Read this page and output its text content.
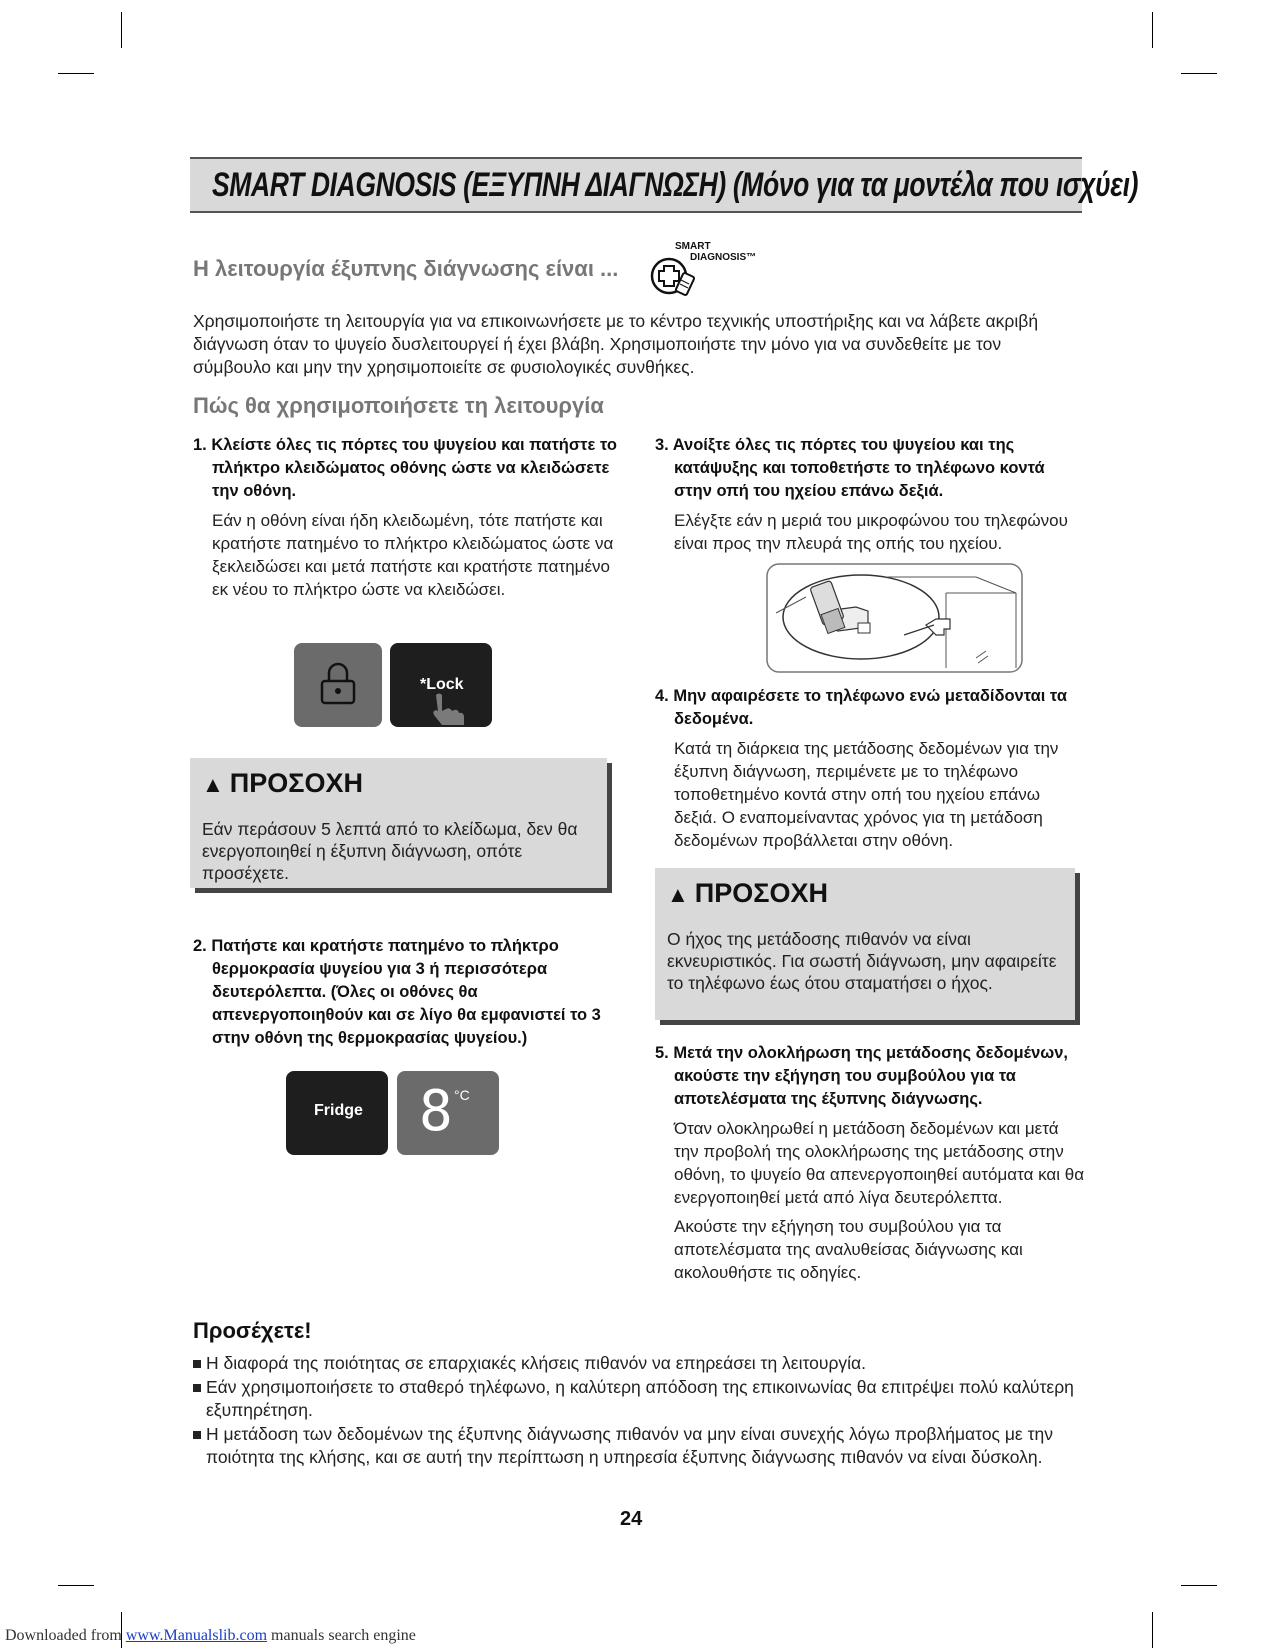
SMART DIAGNOSIS (ΕΞΥΠΝΗ ΔΙΑΓΝΩΣΗ) (Μόνο για τα μοντέλα που ισχύει)
Η λειτουργία έξυπνης διάγνωσης είναι ...
SMART
DIAGNOSIS™
Χρησιμοποιήστε τη λειτουργία για να επικοινωνήσετε με το κέντρο τεχνικής υποστήριξης και να λάβετε ακριβή διάγνωση όταν το ψυγείο δυσλειτουργεί ή έχει βλάβη. Χρησιμοποιήστε την μόνο για να συνδεθείτε με τον σύμβουλο και μην την χρησιμοποιείτε σε φυσιολογικές συνθήκες.
Πώς θα χρησιμοποιήσετε τη λειτουργία
1. Κλείστε όλες τις πόρτες του ψυγείου και πατήστε το πλήκτρο κλειδώματος οθόνης ώστε να κλειδώσετε την οθόνη.
Εάν η οθόνη είναι ήδη κλειδωμένη, τότε πατήστε και κρατήστε πατημένο το πλήκτρο κλειδώματος ώστε να ξεκλειδώσει και μετά πατήστε και κρατήστε πατημένο εκ νέου το πλήκτρο ώστε να κλειδώσει.
*Lock
▲ ΠΡΟΣΟΧΗ
Εάν περάσουν 5 λεπτά από το κλείδωμα, δεν θα ενεργοποιηθεί η έξυπνη διάγνωση, οπότε προσέχετε.
2. Πατήστε και κρατήστε πατημένο το πλήκτρο θερμοκρασία ψυγείου για 3 ή περισσότερα δευτερόλεπτα. (Όλες οι οθόνες θα απενεργοποιηθούν και σε λίγο θα εμφανιστεί το 3 στην οθόνη της θερμοκρασίας ψυγείου.)
Fridge 8 °C
3. Ανοίξτε όλες τις πόρτες του ψυγείου και της κατάψυξης και τοποθετήστε το τηλέφωνο κοντά στην οπή του ηχείου επάνω δεξιά.
Ελέγξτε εάν η μεριά του μικροφώνου του τηλεφώνου είναι προς την πλευρά της οπής του ηχείου.
4. Μην αφαιρέσετε το τηλέφωνο ενώ μεταδίδονται τα δεδομένα.
Κατά τη διάρκεια της μετάδοσης δεδομένων για την έξυπνη διάγνωση, περιμένετε με το τηλέφωνο τοποθετημένο κοντά στην οπή του ηχείου επάνω δεξιά. Ο εναπομείναντας χρόνος για τη μετάδοση δεδομένων προβάλλεται στην οθόνη.
▲ ΠΡΟΣΟΧΗ
Ο ήχος της μετάδοσης πιθανόν να είναι εκνευριστικός. Για σωστή διάγνωση, μην αφαιρείτε το τηλέφωνο έως ότου σταματήσει ο ήχος.
5. Μετά την ολοκλήρωση της μετάδοσης δεδομένων, ακούστε την εξήγηση του συμβούλου για τα αποτελέσματα της έξυπνης διάγνωσης.

Όταν ολοκληρωθεί η μετάδοση δεδομένων και μετά την προβολή της ολοκλήρωσης της μετάδοσης στην οθόνη, το ψυγείο θα απενεργοποιηθεί αυτόματα και θα ενεργοποιηθεί μετά από λίγα δευτερόλεπτα.

Ακούστε την εξήγηση του συμβούλου για τα αποτελέσματα της αναλυθείσας διάγνωσης και ακολουθήστε τις οδηγίες.

Προσέχετε!
Η διαφορά της ποιότητας σε επαρχιακές κλήσεις πιθανόν να επηρεάσει τη λειτουργία.
Εάν χρησιμοποιήσετε το σταθερό τηλέφωνο, η καλύτερη απόδοση της επικοινωνίας θα επιτρέψει πολύ καλύτερη εξυπηρέτηση.
Η μετάδοση των δεδομένων της έξυπνης διάγνωσης πιθανόν να μην είναι συνεχής λόγω προβλήματος με την ποιότητα της κλήσης, και σε αυτή την περίπτωση η υπηρεσία έξυπνης διάγνωσης πιθανόν να είναι δύσκολη.
24
Downloaded from www.Manualslib.com manuals search engine
